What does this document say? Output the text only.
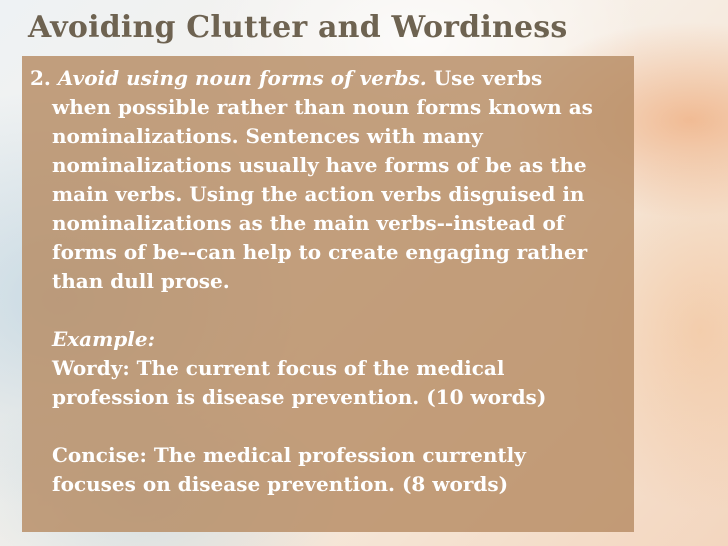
Avoiding Clutter and Wordiness
2. Avoid using noun forms of verbs. Use verbs
when possible rather than noun forms known as
nominalizations. Sentences with many
nominalizations usually have forms of be as the
main verbs. Using the action verbs disguised in
nominalizations as the main verbs--instead of
forms of be--can help to create engaging rather
than dull prose.
Example:
Wordy: The current focus of the medical
profession is disease prevention. (10 words)
Concise: The medical profession currently
focuses on disease prevention. (8 words)
